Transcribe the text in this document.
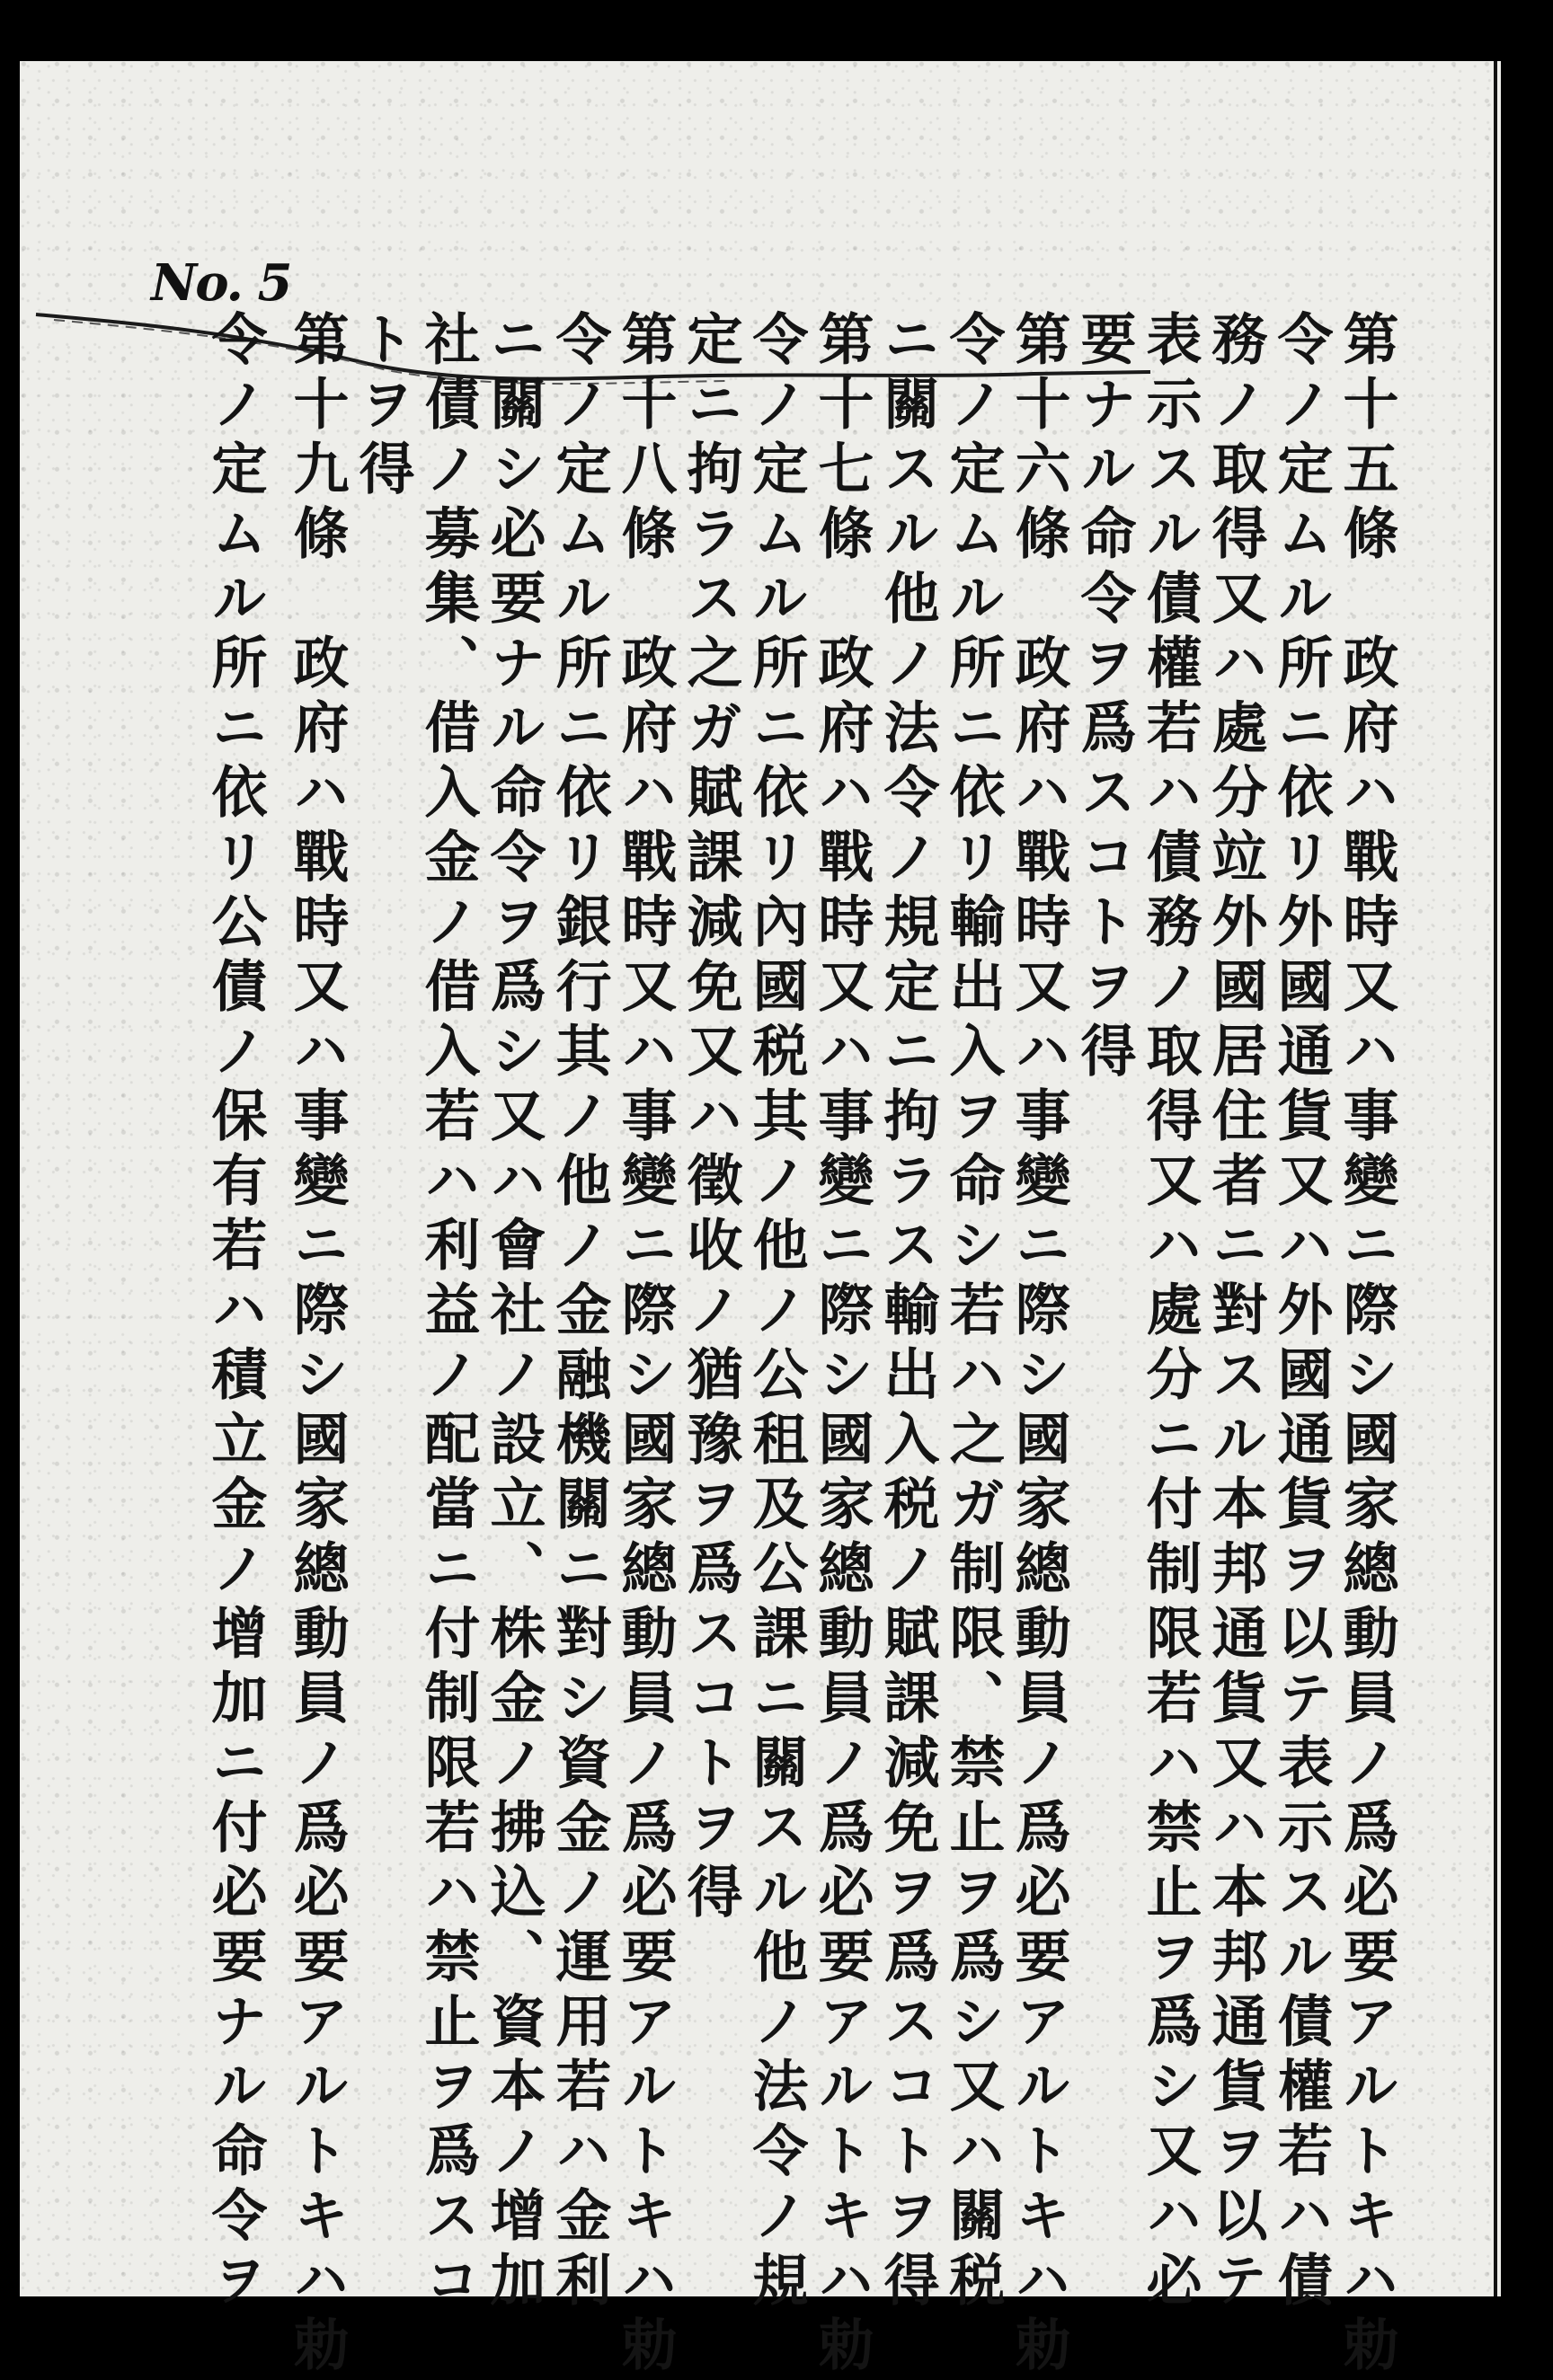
No. 5
第十五條　政府ハ戰時又ハ事變ニ際シ國家總動員ノ爲必要アルトキハ勅
令ノ定ムル所ニ依リ外國通貨又ハ外國通貨ヲ以テ表示スル債權若ハ債
務ノ取得又ハ處分竝外國居住者ニ對スル本邦通貨又ハ本邦通貨ヲ以テ
表示スル債權若ハ債務ノ取得又ハ處分ニ付制限若ハ禁止ヲ爲シ又ハ必
要ナル命令ヲ爲スコトヲ得
第十六條　政府ハ戰時又ハ事變ニ際シ國家總動員ノ爲必要アルトキハ勅
令ノ定ムル所ニ依リ輸出入ヲ命シ若ハ之ガ制限、禁止ヲ爲シ又ハ關税
ニ關スル他ノ法令ノ規定ニ拘ラス輸出入税ノ賦課減免ヲ爲スコトヲ得
第十七條　政府ハ戰時又ハ事變ニ際シ國家總動員ノ爲必要アルトキハ勅
令ノ定ムル所ニ依リ內國税其ノ他ノ公租及公課ニ關スル他ノ法令ノ規
定ニ拘ラス之ガ賦課減免又ハ徵收ノ猶豫ヲ爲スコトヲ得
第十八條　政府ハ戰時又ハ事變ニ際シ國家總動員ノ爲必要アルトキハ勅
令ノ定ムル所ニ依リ銀行其ノ他ノ金融機關ニ對シ資金ノ運用若ハ金利
ニ關シ必要ナル命令ヲ爲シ又ハ會社ノ設立、株金ノ拂込、資本ノ增加
社債ノ募集、借入金ノ借入若ハ利益ノ配當ニ付制限若ハ禁止ヲ爲スコ
トヲ得
第十九條　政府ハ戰時又ハ事變ニ際シ國家總動員ノ爲必要アルトキハ勅
令ノ定ムル所ニ依リ公債ノ保有若ハ積立金ノ增加ニ付必要ナル命令ヲ
